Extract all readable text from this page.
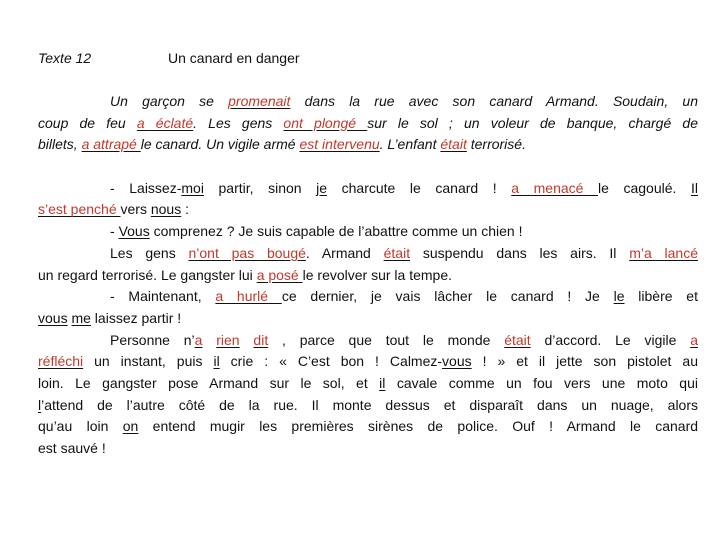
Texte 12	Un canard en danger
Un garçon se promenait dans la rue avec son canard Armand. Soudain, un
coup de feu a éclaté. Les gens ont plongé sur le sol ; un voleur de banque, chargé de
billets, a attrapé le canard. Un vigile armé est intervenu. L’enfant était terrorisé.
- Laissez-moi partir, sinon je charcute le canard ! a menacé le cagoulé. Il
s’est penché vers nous :
- Vous comprenez ? Je suis capable de l’abattre comme un chien !
Les gens n’ont pas bougé. Armand était suspendu dans les airs. Il m’a lancé
un regard terrorisé. Le gangster lui a posé le revolver sur la tempe.
- Maintenant, a hurlé ce dernier, je vais lâcher le canard ! Je le libère et
vous me laissez partir !
Personne n’a rien dit , parce que tout le monde était d’accord. Le vigile a
réfléchi un instant, puis il crie : « C’est bon ! Calmez-vous ! » et il jette son pistolet au
loin. Le gangster pose Armand sur le sol, et il cavale comme un fou vers une moto qui
l’attend de l’autre côté de la rue. Il monte dessus et disparaît dans un nuage, alors
qu’au loin on entend mugir les premières sirènes de police. Ouf ! Armand le canard
est sauvé !
